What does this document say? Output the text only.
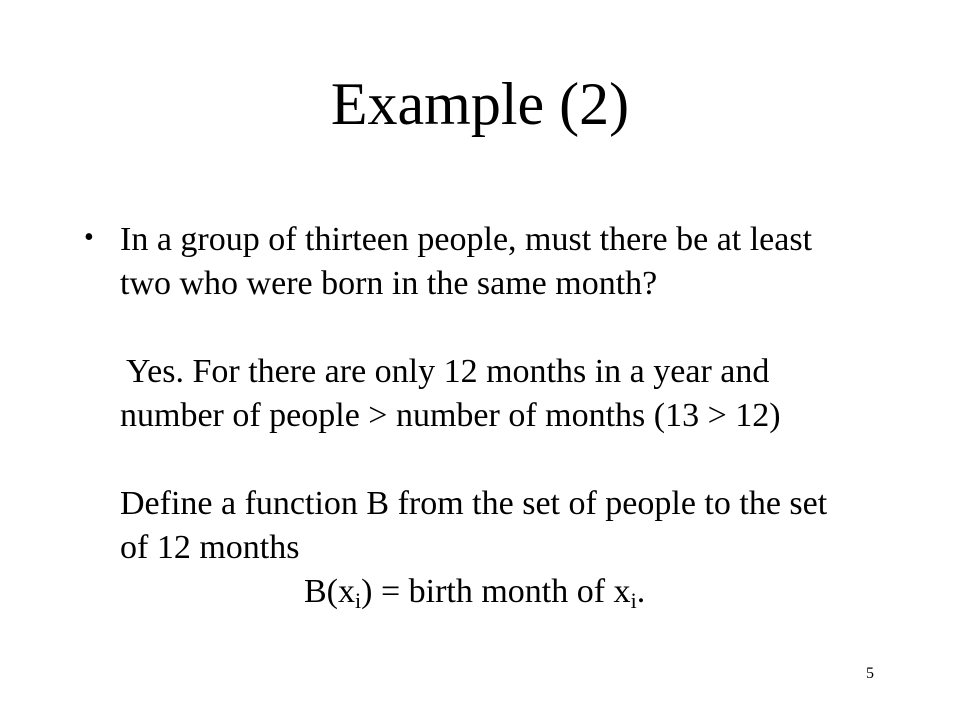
Example (2)
• In a group of thirteen people, must there be at least
two who were born in the same month?
Yes. For there are only 12 months in a year and
number of people > number of months (13 > 12)
Define a function B from the set of people to the set
of 12 months
$B(x_i)$ = birth month of $x_i$.
5
